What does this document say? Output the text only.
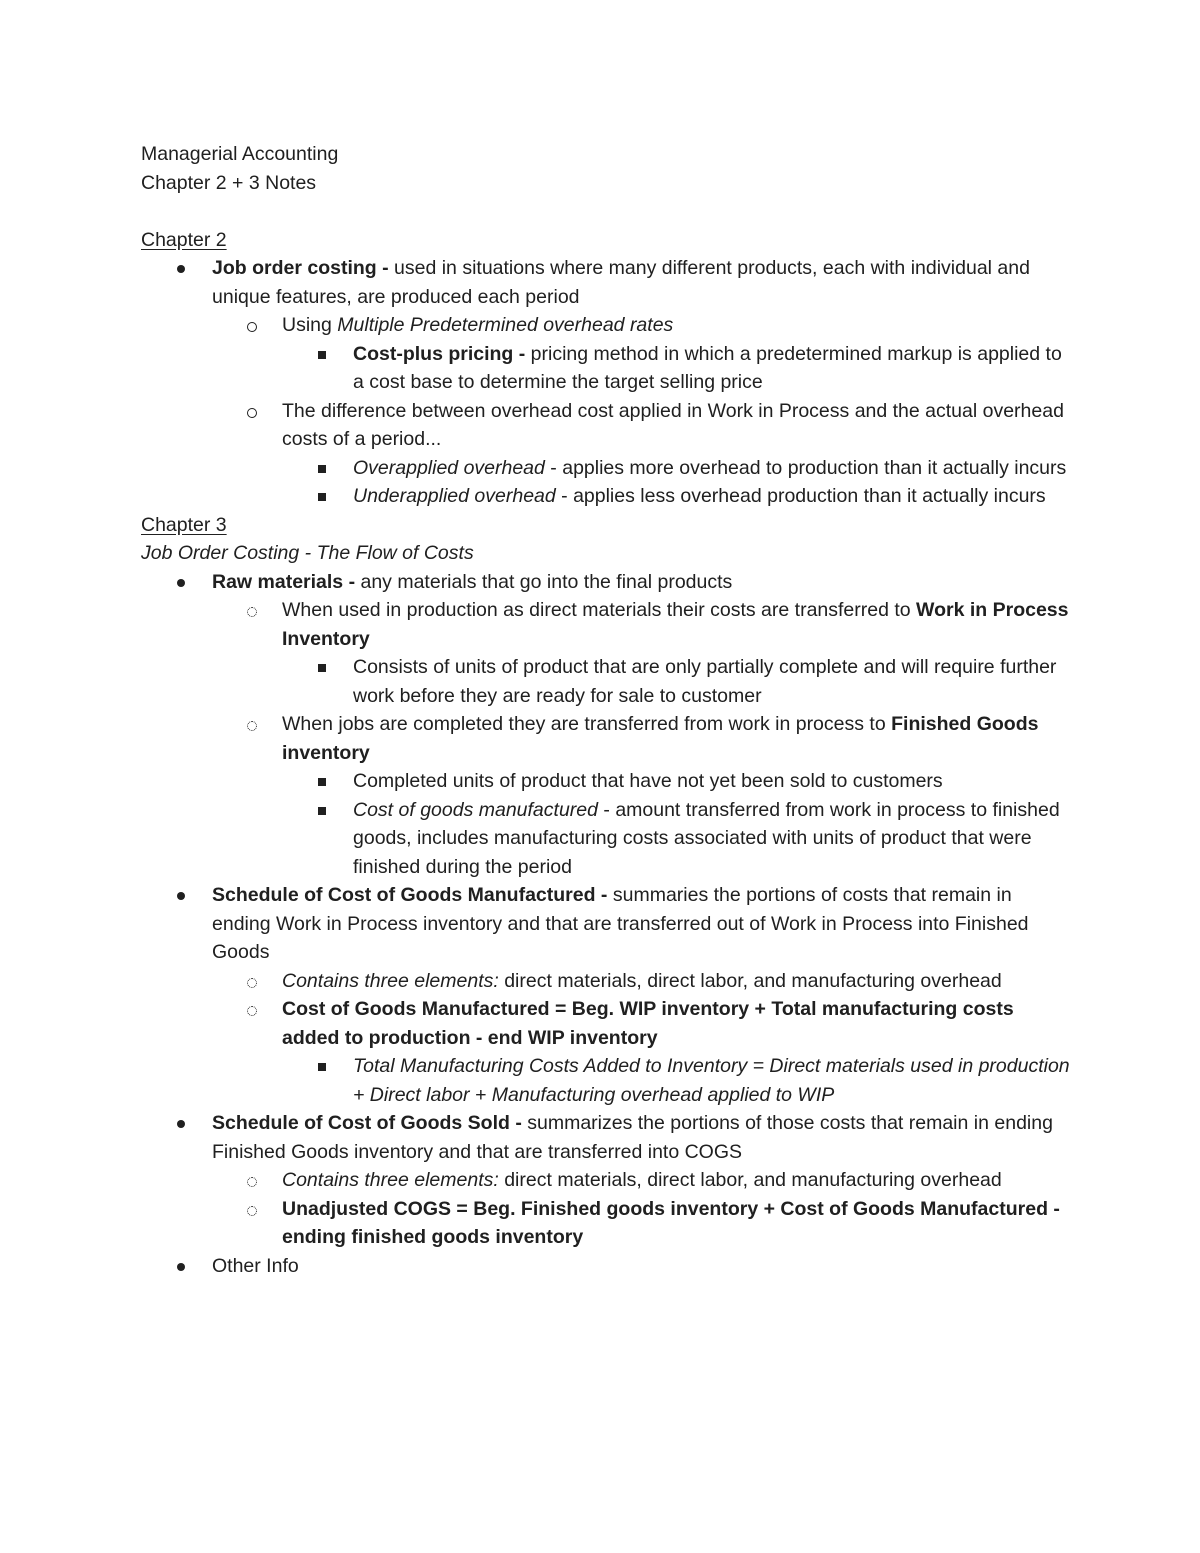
Managerial Accounting

Chapter 2 + 3 Notes

Chapter 2

Job order costing - used in situations where many different products, each with individual and unique features, are produced each period
Using Multiple Predetermined overhead rates
Cost-plus pricing - pricing method in which a predetermined markup is applied to a cost base to determine the target selling price
The difference between overhead cost applied in Work in Process and the actual overhead costs of a period...
Overapplied overhead - applies more overhead to production than it actually incurs
Underapplied overhead - applies less overhead production than it actually incurs

Chapter 3

Job Order Costing - The Flow of Costs

Raw materials - any materials that go into the final products
When used in production as direct materials their costs are transferred to Work in Process Inventory
Consists of units of product that are only partially complete and will require further work before they are ready for sale to customer
When jobs are completed they are transferred from work in process to Finished Goods inventory
Completed units of product that have not yet been sold to customers
Cost of goods manufactured - amount transferred from work in process to finished goods, includes manufacturing costs associated with units of product that were finished during the period
Schedule of Cost of Goods Manufactured - summaries the portions of costs that remain in ending Work in Process inventory and that are transferred out of Work in Process into Finished Goods
Contains three elements: direct materials, direct labor, and manufacturing overhead
Cost of Goods Manufactured = Beg. WIP inventory + Total manufacturing costs added to production - end WIP inventory
Total Manufacturing Costs Added to Inventory = Direct materials used in production + Direct labor + Manufacturing overhead applied to WIP
Schedule of Cost of Goods Sold - summarizes the portions of those costs that remain in ending Finished Goods inventory and that are transferred into COGS
Contains three elements: direct materials, direct labor, and manufacturing overhead
Unadjusted COGS = Beg. Finished goods inventory + Cost of Goods Manufactured - ending finished goods inventory
Other Info
